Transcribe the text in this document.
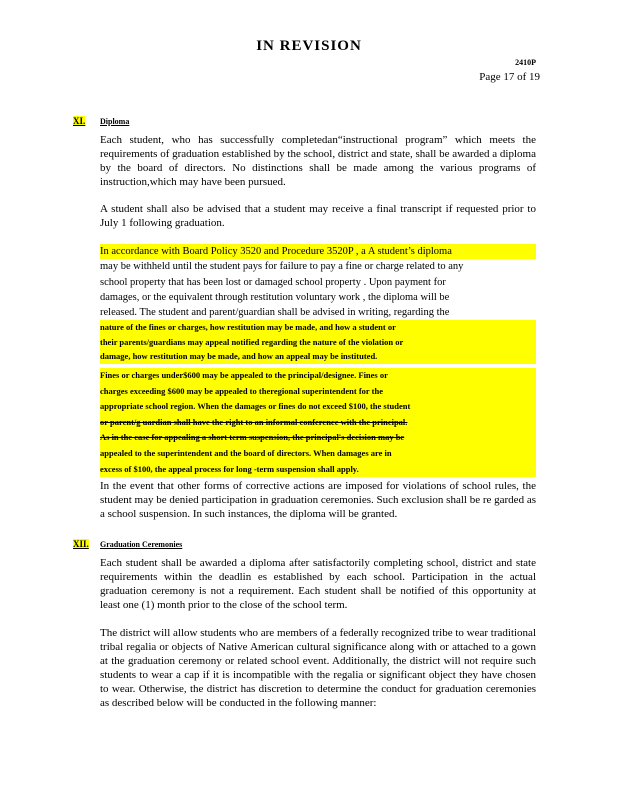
IN REVISION
2410P
Page 17 of 19
XI. Diploma
Each student, who has successfully completedan“instructional program” which meets the requirements of graduation established by the school, district and state, shall be awarded a diploma by the board of directors. No distinctions shall be made among the various programs of instruction,which may have been pursued.
A student shall also be advised that a student may receive a final transcript if requested prior to July 1 following graduation.
In accordance with Board Policy 3520 and Procedure 3520P , a A student’s diploma
may be withheld until the student pays for failure to pay a fine or charge related to any
school property that has been lost or damaged school property . Upon payment for
damages, or the equivalent through restitution voluntary work , the diploma will be
released. The student and parent/guardian shall be advised in writing, regarding the
nature of the fines or charges, how restitution may be made, and how a student or
their parents/guardians may appeal notified regarding the nature of the violation or
damage, how restitution may be made, and how an appeal may be instituted.
Fines or charges under$600 may be appealed to the principal/designee. Fines or
charges exceeding $600 may be appealed to theregional superintendent for the
appropriate school region. When the damages or fines do not exceed $100, the student
or parent/g uardian shall have the right to an informal conference with the principal.
As in the case for appealing a short term suspension, the principal's decision may be
appealed to the superintendent and the board of directors. When damages are in
excess of $100, the appeal process for long -term suspension shall apply.
In the event that other forms of corrective actions are imposed for violations of school rules, the student may be denied participation in graduation ceremonies. Such exclusion shall be re garded as a school suspension. In such instances, the diploma will be granted.
XII. Graduation Ceremonies
Each student shall be awarded a diploma after satisfactorily completing school, district and state requirements within the deadlin es established by each school. Participation in the actual graduation ceremony is not a requirement. Each student shall be notified of this opportunity at least one (1) month prior to the close of the school term.
The district will allow students who are members of a federally recognized tribe to wear traditional tribal regalia or objects of Native American cultural significance along with or attached to a gown at the graduation ceremony or related school event. Additionally, the district will not require such students to wear a cap if it is incompatible with the regalia or significant object they have chosen to wear. Otherwise, the district has discretion to determine the conduct for graduation ceremonies as described below will be conducted in the following manner:
